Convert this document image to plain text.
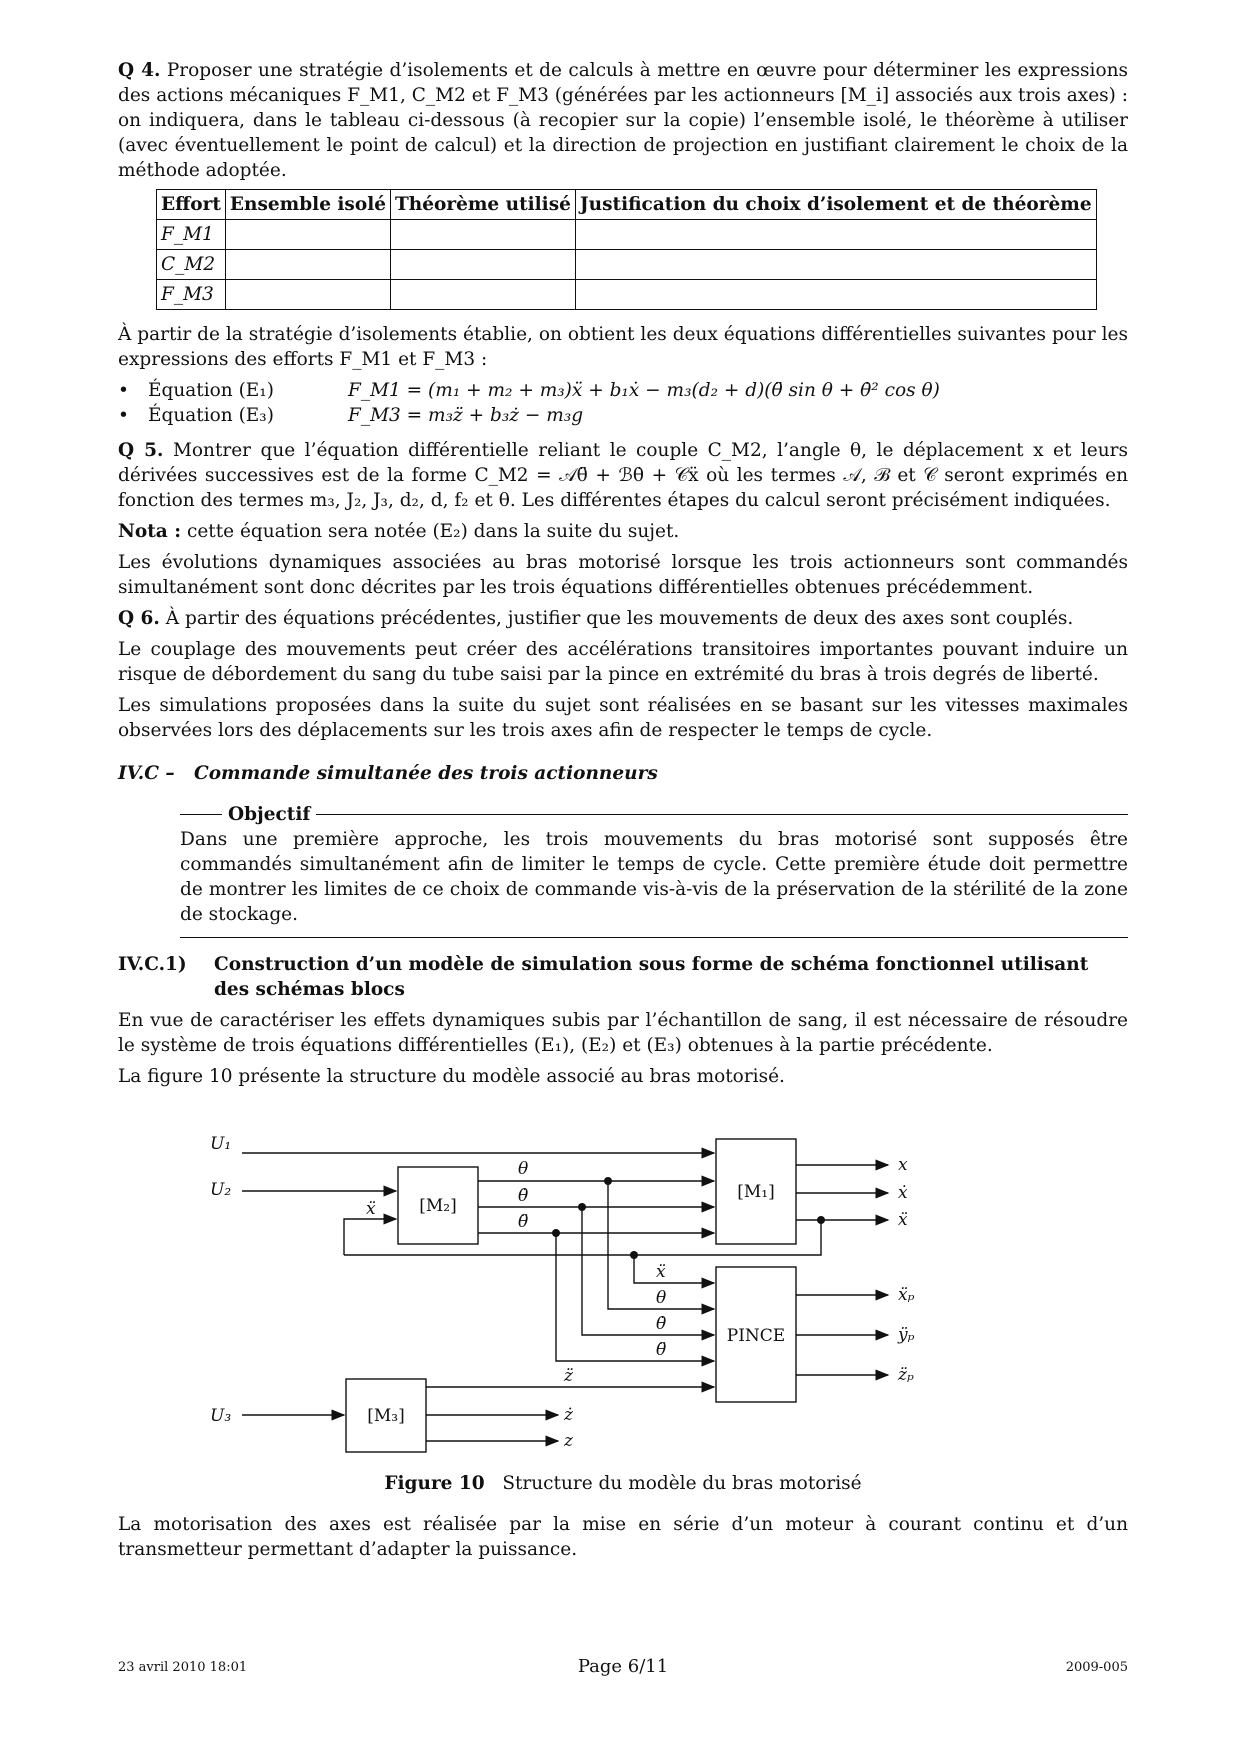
Q 4. Proposer une stratégie d’isolements et de calculs à mettre en œuvre pour déterminer les expressions des actions mécaniques F_M1, C_M2 et F_M3 (générées par les actionneurs [M_i] associés aux trois axes) : on indiquera, dans le tableau ci-dessous (à recopier sur la copie) l’ensemble isolé, le théorème à utiliser (avec éventuellement le point de calcul) et la direction de projection en justifiant clairement le choix de la méthode adoptée.

Effort	Ensemble isolé	Théorème utilisé	Justification du choix d’isolement et de théorème
F_M1			
C_M2			
F_M3			

À partir de la stratégie d’isolements établie, on obtient les deux équations différentielles suivantes pour les expressions des efforts F_M1 et F_M3 :

•	Équation (E₁)	F_M1 = (m₁ + m₂ + m₃)ẍ + b₁ẋ − m₃(d₂ + d)(θ̈ sin θ + θ̇² cos θ)
•	Équation (E₃)	F_M3 = m₃z̈ + b₃ż − m₃g

Q 5. Montrer que l’équation différentielle reliant le couple C_M2, l’angle θ, le déplacement x et leurs dérivées successives est de la forme C_M2 = 𝒜θ̈ + ℬθ̇ + 𝒞ẍ où les termes 𝒜, ℬ et 𝒞 seront exprimés en fonction des termes m₃, J₂, J₃, d₂, d, f₂ et θ. Les différentes étapes du calcul seront précisément indiquées.

Nota : cette équation sera notée (E₂) dans la suite du sujet.

Les évolutions dynamiques associées au bras motorisé lorsque les trois actionneurs sont commandés simultanément sont donc décrites par les trois équations différentielles obtenues précédemment.

Q 6. À partir des équations précédentes, justifier que les mouvements de deux des axes sont couplés.

Le couplage des mouvements peut créer des accélérations transitoires importantes pouvant induire un risque de débordement du sang du tube saisi par la pince en extrémité du bras à trois degrés de liberté.

Les simulations proposées dans la suite du sujet sont réalisées en se basant sur les vitesses maximales observées lors des déplacements sur les trois axes afin de respecter le temps de cycle.

IV.C – Commande simultanée des trois actionneurs
Objectif

Dans une première approche, les trois mouvements du bras motorisé sont supposés être commandés simultanément afin de limiter le temps de cycle. Cette première étude doit permettre de montrer les limites de ce choix de commande vis-à-vis de la préservation de la stérilité de la zone de stockage.

IV.C.1)	Construction d’un modèle de simulation sous forme de schéma fonctionnel utilisant des schémas blocs

En vue de caractériser les effets dynamiques subis par l’échantillon de sang, il est nécessaire de résoudre le système de trois équations différentielles (E₁), (E₂) et (E₃) obtenues à la partie précédente.

La figure 10 présente la structure du modèle associé au bras motorisé.

U₁
U₂
U₃
[M₂]
[M₁]
PINCE
[M₃]
ẍ
θ
θ̇
θ̈
x
ẋ
ẍ
ẍ
θ
θ̇
θ̈
z̈
ẍₚ
ÿₚ
z̈ₚ
ż
z
Figure 10 Structure du modèle du bras motorisé

La motorisation des axes est réalisée par la mise en série d’un moteur à courant continu et d’un transmetteur permettant d’adapter la puissance.

23 avril 2010 18:01	Page 6/11	2009-005
